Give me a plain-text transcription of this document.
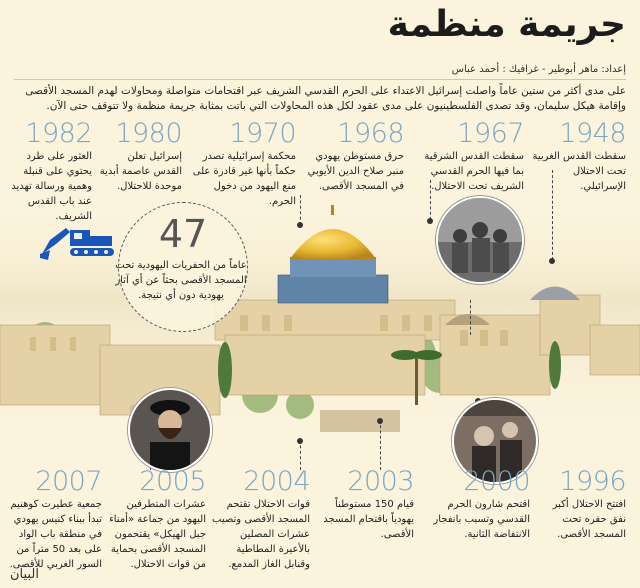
جريمة منظمة
إعداد: ماهر أبوطير - غرافيك : أحمد عباس
على مدى أكثر من ستين عاماً واصلت إسرائيل الاعتداء على الحرم القدسي الشريف عبر اقتحامات متواصلة ومحاولات لهدم المسجد الأقصى وإقامة هيكل سليمان، وقد تصدى الفلسطينيون على مدى عقود لكل هذه المحاولات التي باتت بمثابة جريمة منظمة ولا تتوقف حتى الآن.
47
عاماً من الحفريات اليهودية تحت المسجد الأقصى بحثاً عن أي آثار يهودية دون أي نتيجة.
1948
سقطت القدس الغربية تحت الاحتلال الإسرائيلي.
1967
سقطت القدس الشرقية بما فيها الحرم القدسي الشريف تحت الاحتلال.
1968
حرق مستوطن يهودي منبر صلاح الدين الأيوبي في المسجد الأقصى.
1970
محكمة إسرائيلية تصدر حكماً بأنها غير قادرة على منع اليهود من دخول الحرم.
1980
إسرائيل تعلن القدس عاصمة أبدية موحدة للاحتلال.
1982
العثور على طرد يحتوي على قنبلة وهمية ورسالة تهديد عند باب القدس الشريف.
1996
افتتح الاحتلال أكبر نفق حفره تحت المسجد الأقصى.
2000
اقتحم شارون الحرم القدسي وتسبب بانفجار الانتفاضة الثانية.
2003
قيام 150 مستوطناً يهودياً باقتحام المسجد الأقصى.
2004
قوات الاحتلال تقتحم المسجد الأقصى وتصيب عشرات المصلين بالأعيرة المطاطية وقنابل الغاز المدمع.
2005
عشرات المتطرفين اليهود من جماعة «أمناء جبل الهيكل» يقتحمون المسجد الأقصى بحماية من قوات الاحتلال.
2007
جمعية عطيرت كوهنيم تبدأ ببناء كنيس يهودي في منطقة باب الواد على بعد 50 متراً من السور الغربي للأقصى.
البيان
